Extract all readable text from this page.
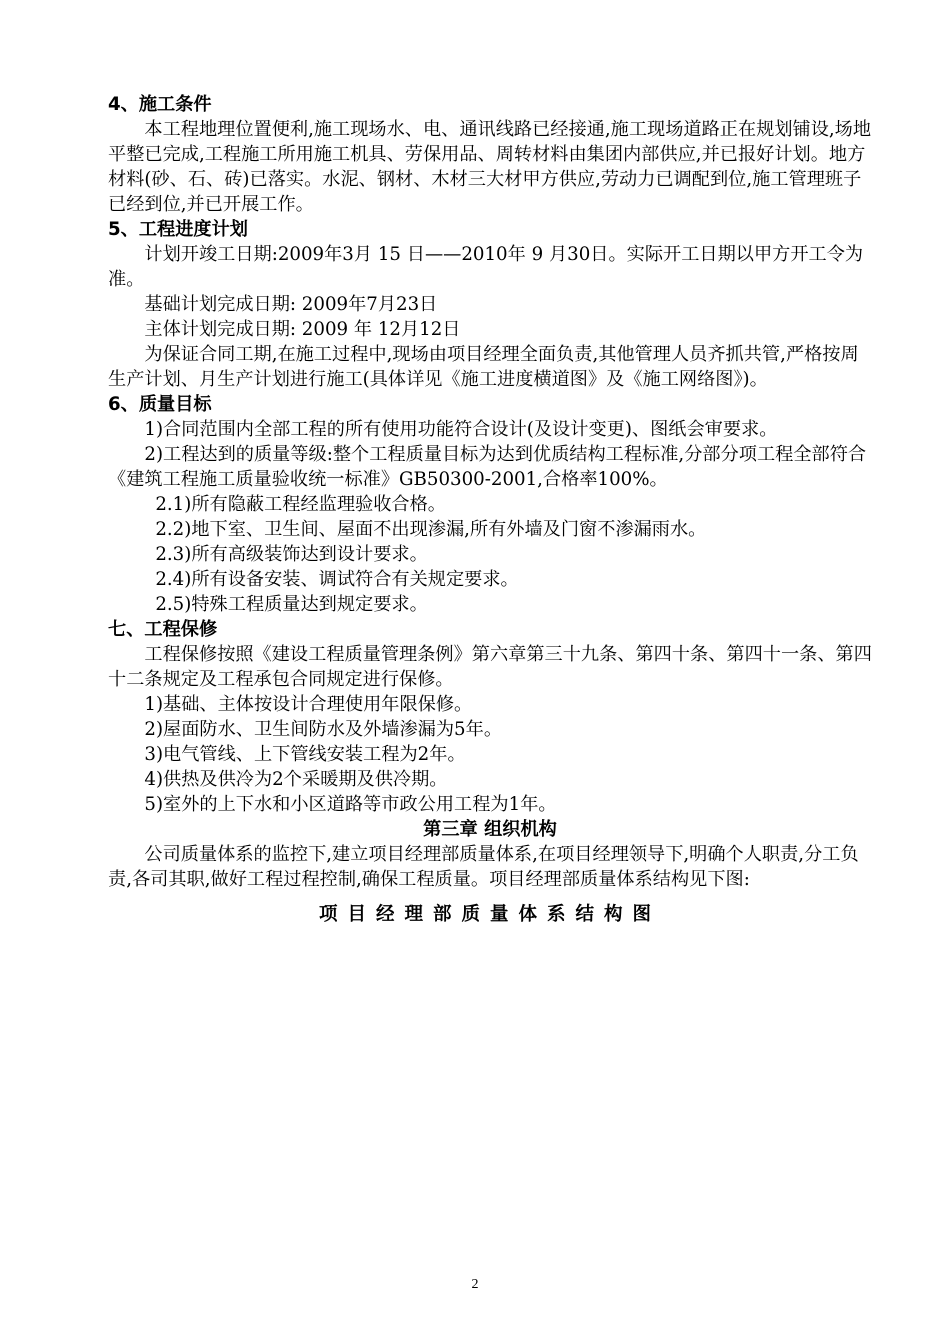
4、施工条件

本工程地理位置便利,施工现场水、电、通讯线路已经接通,施工现场道路正在规划铺设,场地平整已完成,工程施工所用施工机具、劳保用品、周转材料由集团内部供应,并已报好计划。地方材料(砂、石、砖)已落实。水泥、钢材、木材三大材甲方供应,劳动力已调配到位,施工管理班子已经到位,并已开展工作。

5、工程进度计划

计划开竣工日期:2009年3月 15 日——2010年 9 月30日。实际开工日期以甲方开工令为准。

基础计划完成日期: 2009年7月23日

主体计划完成日期: 2009 年 12月12日

为保证合同工期,在施工过程中,现场由项目经理全面负责,其他管理人员齐抓共管,严格按周生产计划、月生产计划进行施工(具体详见《施工进度横道图》及《施工网络图》)。

6、质量目标

1)合同范围内全部工程的所有使用功能符合设计(及设计变更)、图纸会审要求。

2)工程达到的质量等级:整个工程质量目标为达到优质结构工程标准,分部分项工程全部符合《建筑工程施工质量验收统一标准》GB50300-2001,合格率100%。

2.1)所有隐蔽工程经监理验收合格。

2.2)地下室、卫生间、屋面不出现渗漏,所有外墙及门窗不渗漏雨水。

2.3)所有高级装饰达到设计要求。

2.4)所有设备安装、调试符合有关规定要求。

2.5)特殊工程质量达到规定要求。

七、工程保修

工程保修按照《建设工程质量管理条例》第六章第三十九条、第四十条、第四十一条、第四十二条规定及工程承包合同规定进行保修。

1)基础、主体按设计合理使用年限保修。

2)屋面防水、卫生间防水及外墙渗漏为5年。

3)电气管线、上下管线安装工程为2年。

4)供热及供冷为2个采暖期及供冷期。

5)室外的上下水和小区道路等市政公用工程为1年。

第三章 组织机构

公司质量体系的监控下,建立项目经理部质量体系,在项目经理领导下,明确个人职责,分工负责,各司其职,做好工程过程控制,确保工程质量。项目经理部质量体系结构见下图:

项目经理部质量体系结构图

2
